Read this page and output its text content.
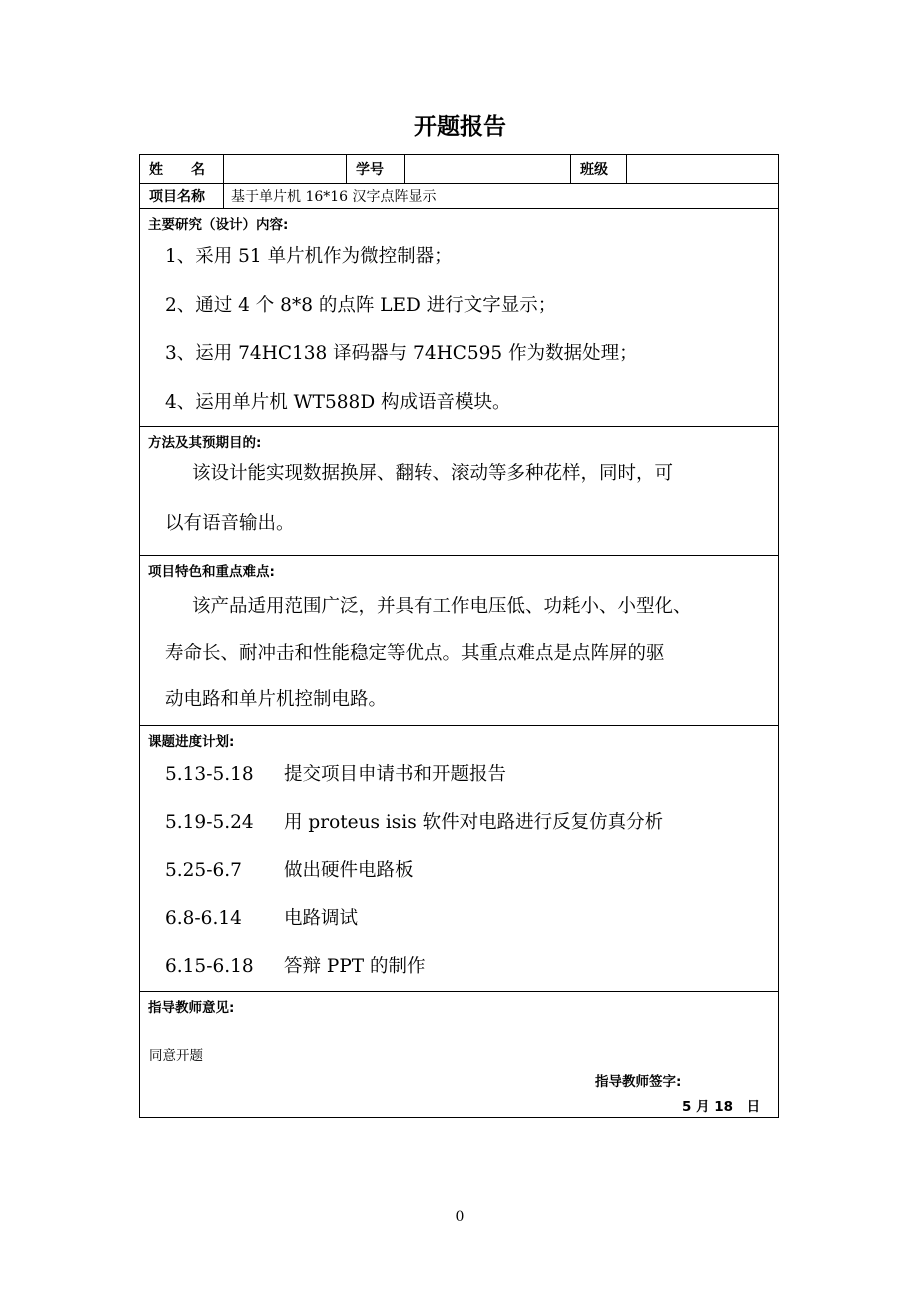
开题报告
姓　　名	学号	班级
项目名称	基于单片机 16*16 汉字点阵显示
主要研究（设计）内容:
1、采用 51 单片机作为微控制器；
2、通过 4 个 8*8 的点阵 LED 进行文字显示；
3、运用 74HC138 译码器与 74HC595 作为数据处理；
4、运用单片机 WT588D 构成语音模块。
方法及其预期目的:
该设计能实现数据换屏、翻转、滚动等多种花样，同时，可
以有语音输出。
项目特色和重点难点:
该产品适用范围广泛，并具有工作电压低、功耗小、小型化、
寿命长、耐冲击和性能稳定等优点。其重点难点是点阵屏的驱
动电路和单片机控制电路。
课题进度计划:
5.13-5.18 提交项目申请书和开题报告
5.19-5.24 用 proteus isis 软件对电路进行反复仿真分析
5.25-6.7 做出硬件电路板
6.8-6.14 电路调试
6.15-6.18 答辩 PPT 的制作
指导教师意见:
同意开题
指导教师签字:
5 月 18　日
0
